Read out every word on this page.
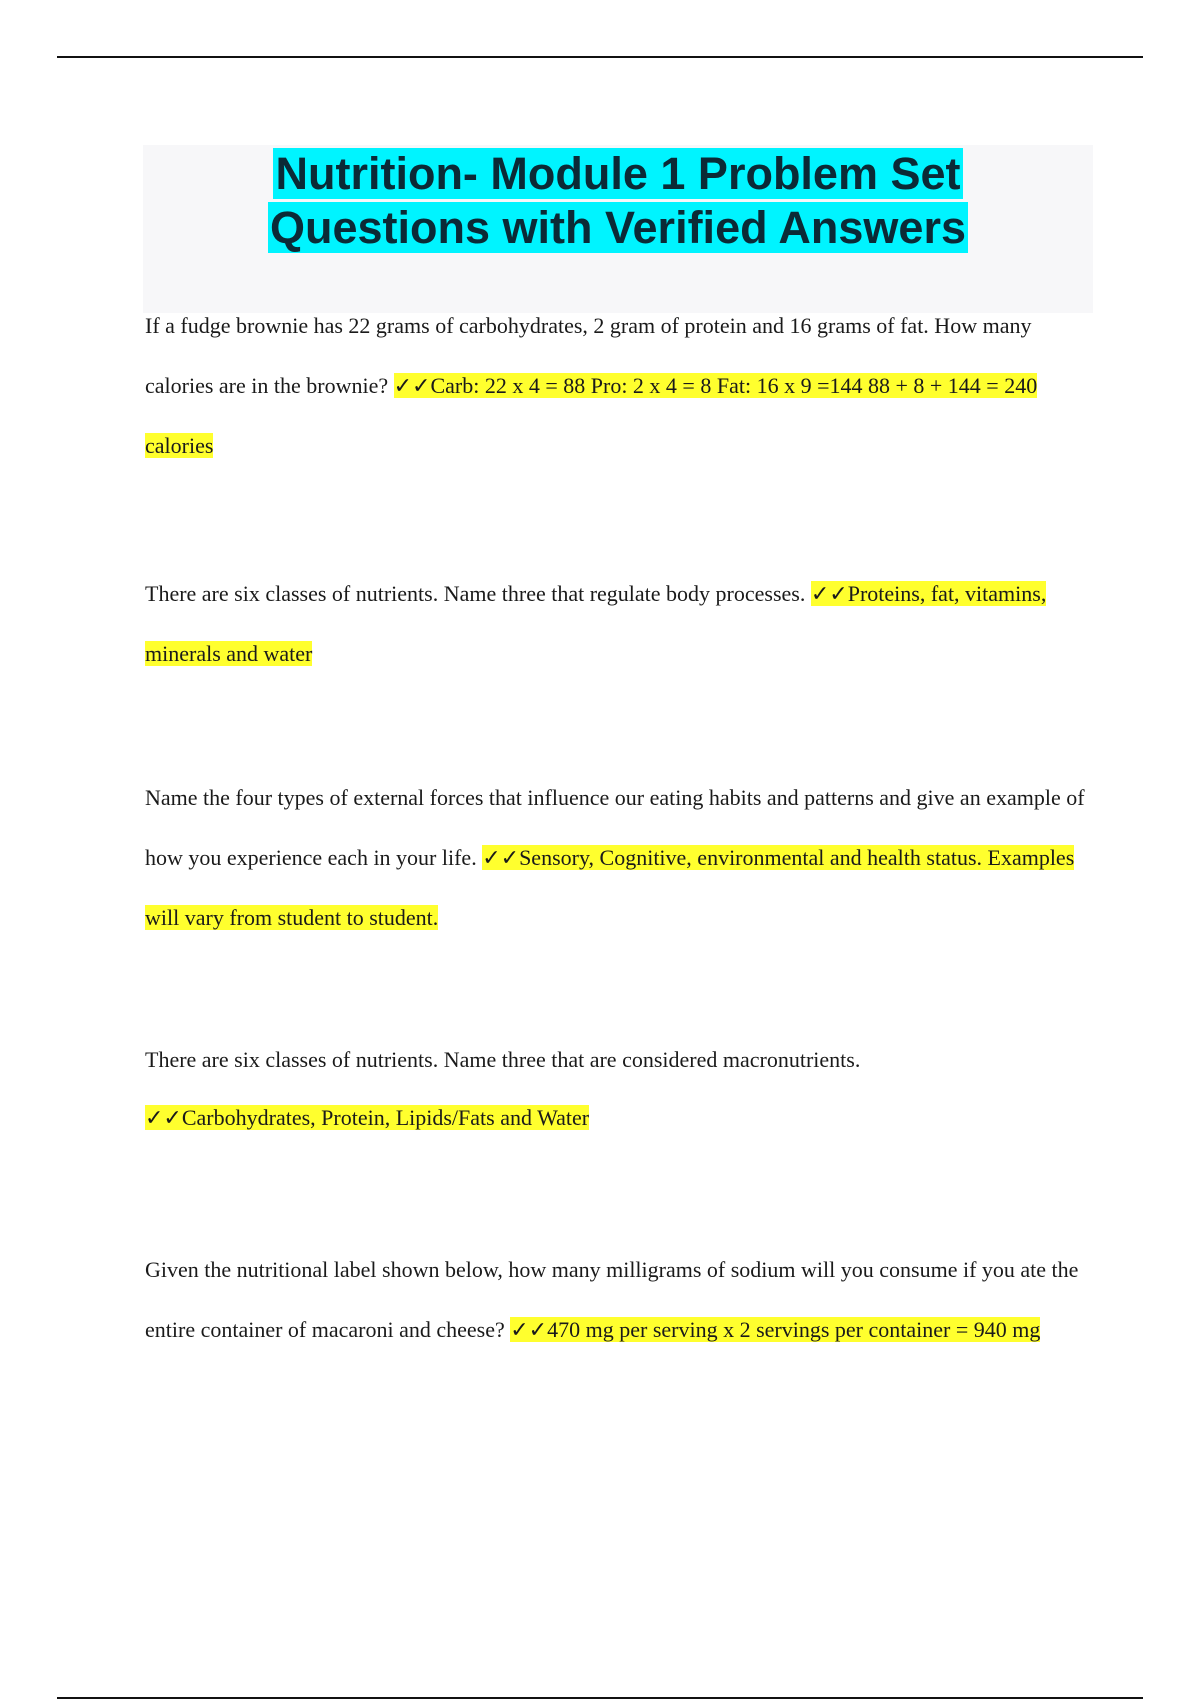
Nutrition- Module 1 Problem Set
Questions with Verified Answers

If a fudge brownie has 22 grams of carbohydrates, 2 gram of protein and 16 grams of fat. How many calories are in the brownie? ✓✓Carb: 22 x 4 = 88 Pro: 2 x 4 = 8 Fat: 16 x 9 =144 88 + 8 + 144 = 240 calories

There are six classes of nutrients. Name three that regulate body processes. ✓✓Proteins, fat, vitamins, minerals and water

Name the four types of external forces that influence our eating habits and patterns and give an example of how you experience each in your life. ✓✓Sensory, Cognitive, environmental and health status. Examples will vary from student to student.

There are six classes of nutrients. Name three that are considered macronutrients.
✓✓Carbohydrates, Protein, Lipids/Fats and Water

Given the nutritional label shown below, how many milligrams of sodium will you consume if you ate the entire container of macaroni and cheese? ✓✓470 mg per serving x 2 servings per container = 940 mg
